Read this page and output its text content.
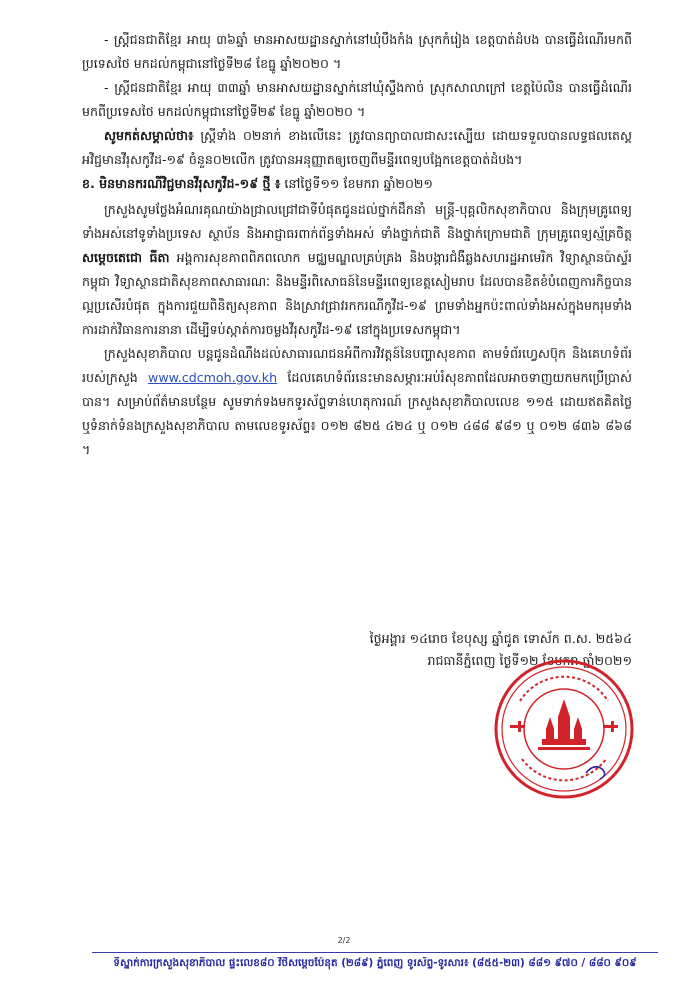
- ស្ត្រីជនជាតិខ្មែរ អាយុ ៣៦ឆ្នាំ មានអាសយដ្ឋានស្នាក់នៅឃុំបឹងកំង ស្រុកកំរៀង ខេត្តបាត់ដំបង បានធ្វើដំណើរមកពីប្រទេសថៃ មកដល់កម្ពុជានៅថ្ងៃទី២៨ ខែធ្នូ ឆ្នាំ២០២០ ។

- ស្ត្រីជនជាតិខ្មែរ អាយុ ៣៣ឆ្នាំ មានអាសយដ្ឋានស្នាក់នៅឃុំស្ទឹងកាច់ ស្រុកសាលាក្រៅ ខេត្តប៉ៃលិន បានធ្វើដំណើរមកពីប្រទេសថៃ មកដល់កម្ពុជានៅថ្ងៃទី២៩ ខែធ្នូ ឆ្នាំ២០២០ ។

សូមកត់សម្គាល់ថា៖ ស្ត្រីទាំង ០២នាក់ ខាងលើនេះ ត្រូវបានព្យាបាលជាសះស្បើយ ដោយទទួលបានលទ្ធផលតេស្ត អវិជ្ជមានវីរុសកូវីដ-១៩ ចំនួន០២លើក ត្រូវបានអនុញ្ញាតឲ្យចេញពីមន្ទីរពេទ្យបង្អែកខេត្តបាត់ដំបង។

ខ. មិនមានករណីវិជ្ជមានវីរុសកូវីដ-១៩ ថ្មី ៖ នៅថ្ងៃទី១១ ខែមករា ឆ្នាំ២០២១

ក្រសួងសូមថ្លែងអំណរគុណយ៉ាងជ្រាលជ្រៅជាទីបំផុតជូនដល់ថ្នាក់ដឹកនាំ មន្ត្រី-បុគ្គលិកសុខាភិបាល និងក្រុមគ្រូពេទ្យទាំងអស់នៅទូទាំងប្រទេស ស្ថាប័ន និងអាជ្ញាធរពាក់ព័ន្ធទាំងអស់ ទាំងថ្នាក់ជាតិ និងថ្នាក់ក្រោមជាតិ ក្រុមគ្រូពេទ្យស្ម័គ្រចិត្ត សម្តេចតេជោ ធីតា អង្គការសុខភាពពិភពលោក មជ្ឈមណ្ឌលគ្រប់គ្រង និងបង្ការជំងឺឆ្លងសហរដ្ឋអាមេរិក វិទ្យាស្ថានប៉ាស្ទ័រកម្ពុជា វិទ្យាស្ថានជាតិសុខភាពសាធារណៈ និងមន្ទីរពិសោធន៍នៃមន្ទីរពេទ្យខេត្តសៀមរាប ដែលបានខិតខំបំពេញការកិច្ចបានល្អប្រសើរបំផុត ក្នុងការជួយពិនិត្យសុខភាព និងស្រាវជ្រាវរកករណីកូវីដ-១៩ ព្រមទាំងអ្នកប៉ះពាល់ទាំងអស់ក្នុងមករុមទាំងការដាក់វិធានការនានា ដើម្បីទប់ស្កាត់ការចម្លងវីរុសកូវីដ-១៩ នៅក្នុងប្រទេសកម្ពុជា។

ក្រសួងសុខាភិបាល បន្តជូនដំណឹងដល់សាធារណជនអំពីការវិវត្តន៍នៃបញ្ហាសុខភាព តាមទំព័រហ្វេសប៊ុក និងគេហទំព័ររបស់ក្រសួង www.cdcmoh.gov.kh ដែលគេហទំព័រនេះមានសម្ភារៈអប់រំសុខភាពដែលអាចទាញយកមកប្រើប្រាស់បាន។ សម្រាប់ព័ត៌មានបន្ថែម សូមទាក់ទងមកទូរស័ព្ទទាន់ហេតុការណ៍ ក្រសួងសុខាភិបាលលេខ ១១៥ ដោយឥតគិតថ្លៃ ឬទំនាក់ទំនងក្រសួងសុខាភិបាល តាមលេខទូរស័ព្ទ៖ ០១២ ៨២៥ ៤២៤ ឬ ០១២ ៤៨៨ ៩៨១ ឬ ០១២ ៨៣៦ ៨៦៨ ។

ថ្ងៃអង្គារ ១៤រោច ខែបុស្ស ឆ្នាំជូត ទោស័ក ព.ស. ២៥៦៤
រាជធានីភ្នំពេញ ថ្ងៃទី១២ ខែមករា ឆ្នាំ២០២១
2/2
ទីស្នាក់ការក្រសួងសុខាភិបាល ផ្ទះលេខ៨០ វិថីសម្តេចប៉ែនុត (២៨៩) ភ្នំពេញ ទូរស័ព្ទ-ទូរសារ៖ (៨៥៥-២៣) ៨៨១ ៩៧០ / ៨៨០ ៩០៩
